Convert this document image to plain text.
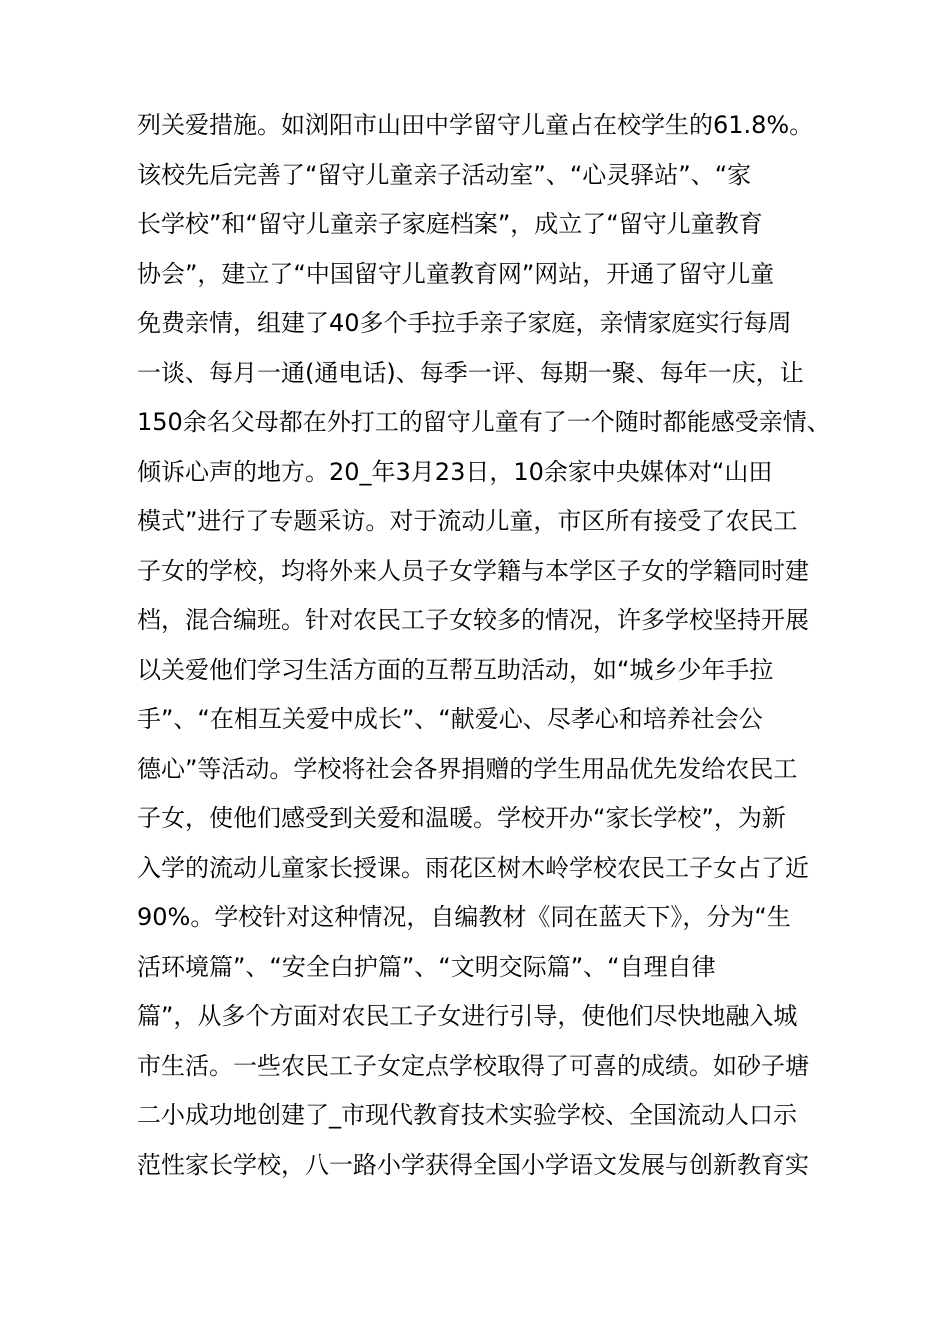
列关爱措施。如浏阳市山田中学留守儿童占在校学生的61.8%。
该校先后完善了“留守儿童亲子活动室”、“心灵驿站”、“家
长学校”和“留守儿童亲子家庭档案”，成立了“留守儿童教育
协会”，建立了“中国留守儿童教育网”网站，开通了留守儿童
免费亲情，组建了40多个手拉手亲子家庭，亲情家庭实行每周
一谈、每月一通(通电话)、每季一评、每期一聚、每年一庆，让
150余名父母都在外打工的留守儿童有了一个随时都能感受亲情、
倾诉心声的地方。20_年3月23日，10余家中央媒体对“山田
模式”进行了专题采访。对于流动儿童，市区所有接受了农民工
子女的学校，均将外来人员子女学籍与本学区子女的学籍同时建
档，混合编班。针对农民工子女较多的情况，许多学校坚持开展
以关爱他们学习生活方面的互帮互助活动，如“城乡少年手拉
手”、“在相互关爱中成长”、“献爱心、尽孝心和培养社会公
德心”等活动。学校将社会各界捐赠的学生用品优先发给农民工
子女，使他们感受到关爱和温暖。学校开办“家长学校”，为新
入学的流动儿童家长授课。雨花区树木岭学校农民工子女占了近
90%。学校针对这种情况，自编教材《同在蓝天下》，分为“生
活环境篇”、“安全白护篇”、“文明交际篇”、“自理自律
篇”，从多个方面对农民工子女进行引导，使他们尽快地融入城
市生活。一些农民工子女定点学校取得了可喜的成绩。如砂子塘
二小成功地创建了_市现代教育技术实验学校、全国流动人口示
范性家长学校，八一路小学获得全国小学语文发展与创新教育实
